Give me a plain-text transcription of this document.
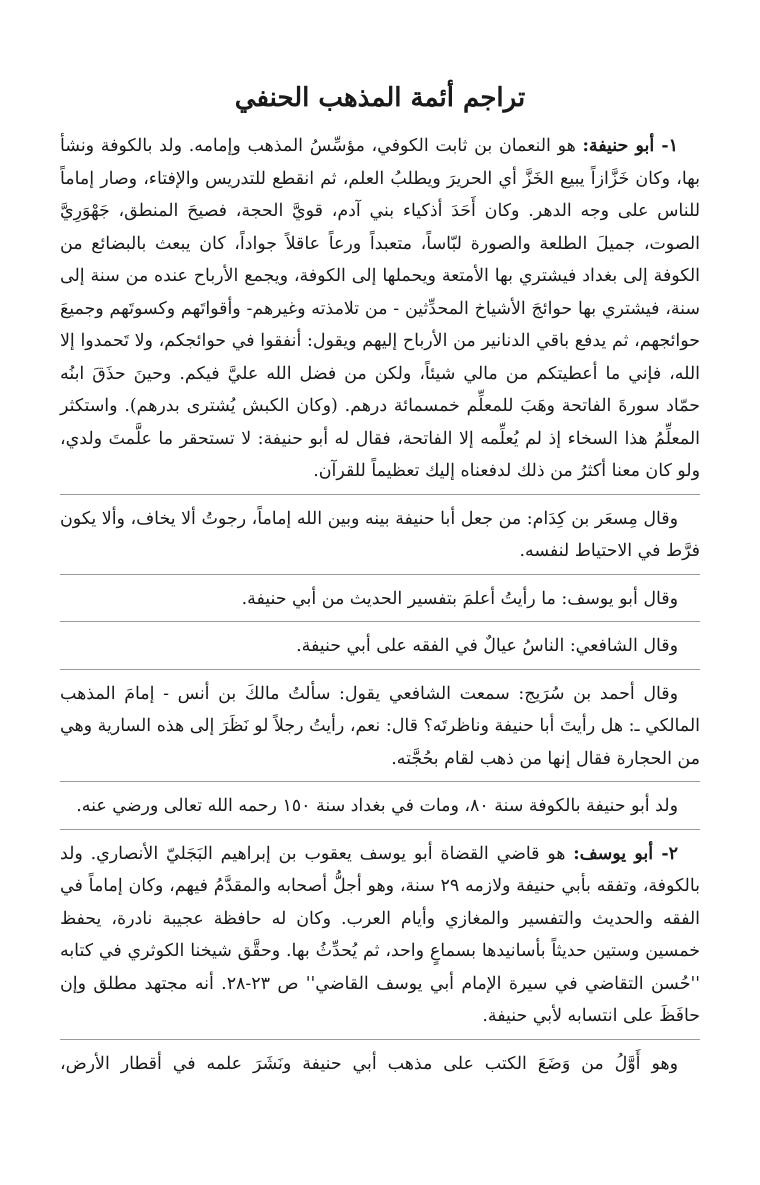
تراجم أئمة المذهب الحنفي

١- أبو حنيفة: هو النعمان بن ثابت الكوفي، مؤسِّسُ المذهب وإمامه. ولد بالكوفة ونشأ بها، وكان خَزَّازاً يبيع الخَزَّ أي الحريرَ ويطلبُ العلم، ثم انقطع للتدريس والإفتاء، وصار إماماً للناس على وجه الدهر. وكان أَحَدَ أذكياء بني آدم، قويَّ الحجة، فصيحَ المنطق، جَهْوَرِيَّ الصوت، جميلَ الطلعة والصورة لبّاساً، متعبداً ورعاً عاقلاً جواداً، كان يبعث بالبضائع من الكوفة إلى بغداد فيشتري بها الأمتعة ويحملها إلى الكوفة، ويجمع الأرباح عنده من سنة إلى سنة، فيشتري بها حوائجَ الأشياخ المحدِّثين - من تلامذته وغيرهم- وأقواتَهم وكسوتَهم وجميعَ حوائجهم، ثم يدفع باقي الدنانير من الأرباح إليهم ويقول: أنفقوا في حوائجكم، ولا تَحمدوا إلا الله، فإني ما أعطيتكم من مالي شيئاً، ولكن من فضل الله عليَّ فيكم. وحينَ حذَقَ ابنُه حمّاد سورةَ الفاتحة وهَبَ للمعلِّم خمسمائة درهم. (وكان الكبش يُشترى بدرهم). واستكثر المعلِّمُ هذا السخاء إذ لم يُعلِّمه إلا الفاتحة، فقال له أبو حنيفة: لا تستحقر ما علَّمتَ ولدي، ولو كان معنا أكثرُ من ذلك لدفعناه إليك تعظيماً للقرآن.

وقال مِسعَر بن كِدَام: من جعل أبا حنيفة بينه وبين الله إماماً، رجوتُ ألا يخاف، وألا يكون فرَّط في الاحتياط لنفسه.

وقال أبو يوسف: ما رأيتُ أعلمَ بتفسير الحديث من أبي حنيفة.

وقال الشافعي: الناسُ عيالٌ في الفقه على أبي حنيفة.

وقال أحمد بن سُرَيج: سمعت الشافعي يقول: سألتُ مالكَ بن أنس - إمامَ المذهب المالكي ـ: هل رأيتَ أبا حنيفة وناظرتَه؟ قال: نعم، رأيتُ رجلاً لو نَظَرَ إلى هذه السارية وهي من الحجارة فقال إنها من ذهب لقام بحُجَّته.

ولد أبو حنيفة بالكوفة سنة ٨٠، ومات في بغداد سنة ١٥٠ رحمه الله تعالى ورضي عنه.

٢- أبو يوسف: هو قاضي القضاة أبو يوسف يعقوب بن إبراهيم البَجَليّ الأنصاري. ولد بالكوفة، وتفقه بأبي حنيفة ولازمه ٢٩ سنة، وهو أجلُّ أصحابه والمقدَّمُ فيهم، وكان إماماً في الفقه والحديث والتفسير والمغازي وأيام العرب. وكان له حافظة عجيبة نادرة، يحفظ خمسين وستين حديثاً بأسانيدها بسماعٍ واحد، ثم يُحدِّثُ بها. وحقَّق شيخنا الكوثري في كتابه ''حُسن التقاضي في سيرة الإمام أبي يوسف القاضي'' ص ٢٣-٢٨. أنه مجتهد مطلق وإن حافَظَ على انتسابه لأبي حنيفة.

وهو أَوَّلُ من وَضَعَ الكتب على مذهب أبي حنيفة ونَشَرَ علمه في أقطار الأرض،
